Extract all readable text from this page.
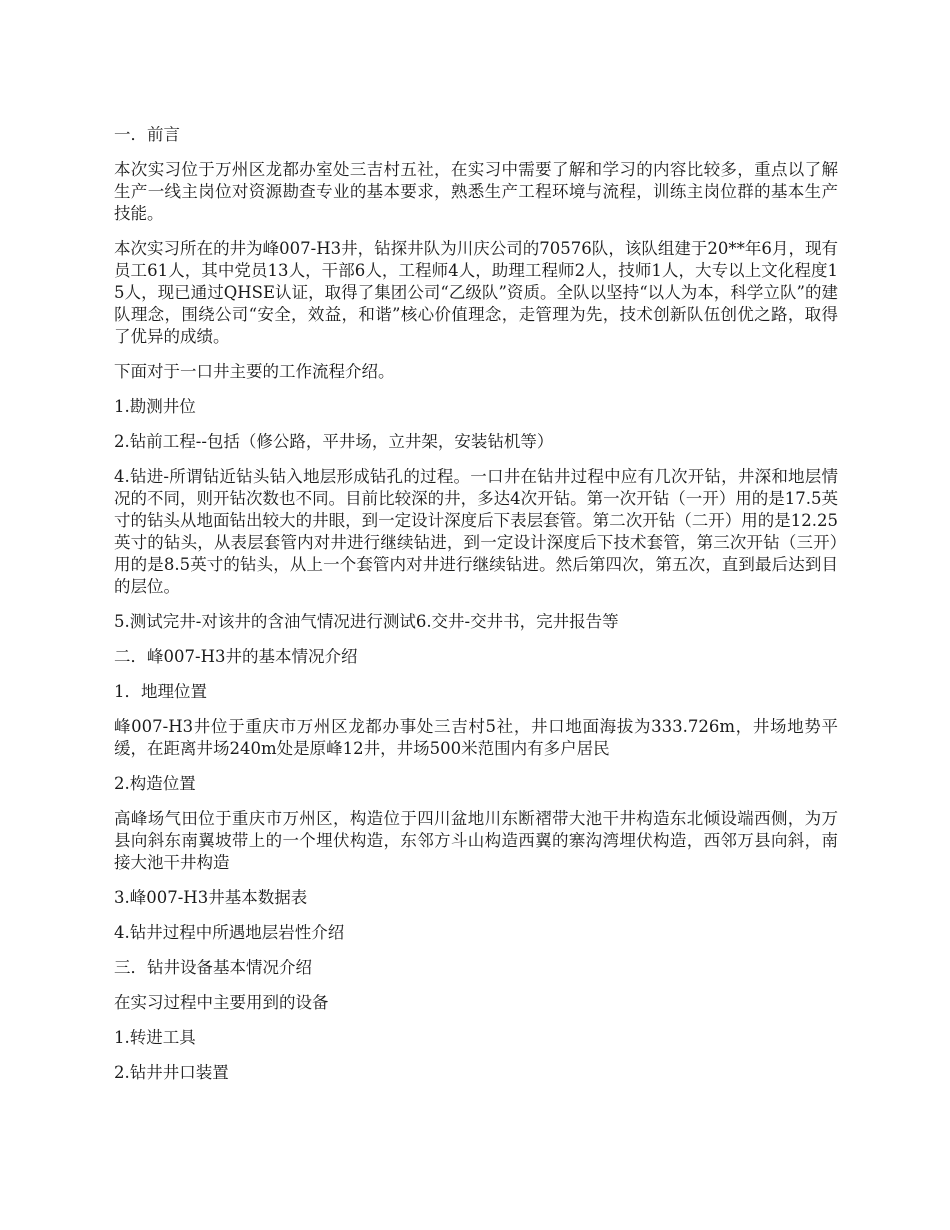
一．前言

本次实习位于万州区龙都办室处三吉村五社，在实习中需要了解和学习的内容比较多，重点以了解生产一线主岗位对资源勘查专业的基本要求，熟悉生产工程环境与流程，训练主岗位群的基本生产技能。

本次实习所在的井为峰007-H3井，钻探井队为川庆公司的70576队，该队组建于20**年6月，现有员工61人，其中党员13人，干部6人，工程师4人，助理工程师2人，技师1人，大专以上文化程度15人，现已通过QHSE认证，取得了集团公司“乙级队”资质。全队以坚持“以人为本，科学立队”的建队理念，围绕公司“安全，效益，和谐”核心价值理念，走管理为先，技术创新队伍创优之路，取得了优异的成绩。

下面对于一口井主要的工作流程介绍。

1.勘测井位

2.钻前工程--包括（修公路，平井场，立井架，安装钻机等）

4.钻进-所谓钻近钻头钻入地层形成钻孔的过程。一口井在钻井过程中应有几次开钻，井深和地层情况的不同，则开钻次数也不同。目前比较深的井，多达4次开钻。第一次开钻（一开）用的是17.5英寸的钻头从地面钻出较大的井眼，到一定设计深度后下表层套管。第二次开钻（二开）用的是12.25英寸的钻头，从表层套管内对井进行继续钻进，到一定设计深度后下技术套管，第三次开钻（三开）用的是8.5英寸的钻头，从上一个套管内对井进行继续钻进。然后第四次，第五次，直到最后达到目的层位。

5.测试完井-对该井的含油气情况进行测试6.交井-交井书，完井报告等

二．峰007-H3井的基本情况介绍

1．地理位置

峰007-H3井位于重庆市万州区龙都办事处三吉村5社，井口地面海拔为333.726m，井场地势平缓，在距离井场240m处是原峰12井，井场500米范围内有多户居民

2.构造位置

高峰场气田位于重庆市万州区，构造位于四川盆地川东断褶带大池干井构造东北倾设端西侧，为万县向斜东南翼坡带上的一个埋伏构造，东邻方斗山构造西翼的寨沟湾埋伏构造，西邻万县向斜，南接大池干井构造

3.峰007-H3井基本数据表

4.钻井过程中所遇地层岩性介绍

三．钻井设备基本情况介绍

在实习过程中主要用到的设备

1.转进工具

2.钻井井口装置
